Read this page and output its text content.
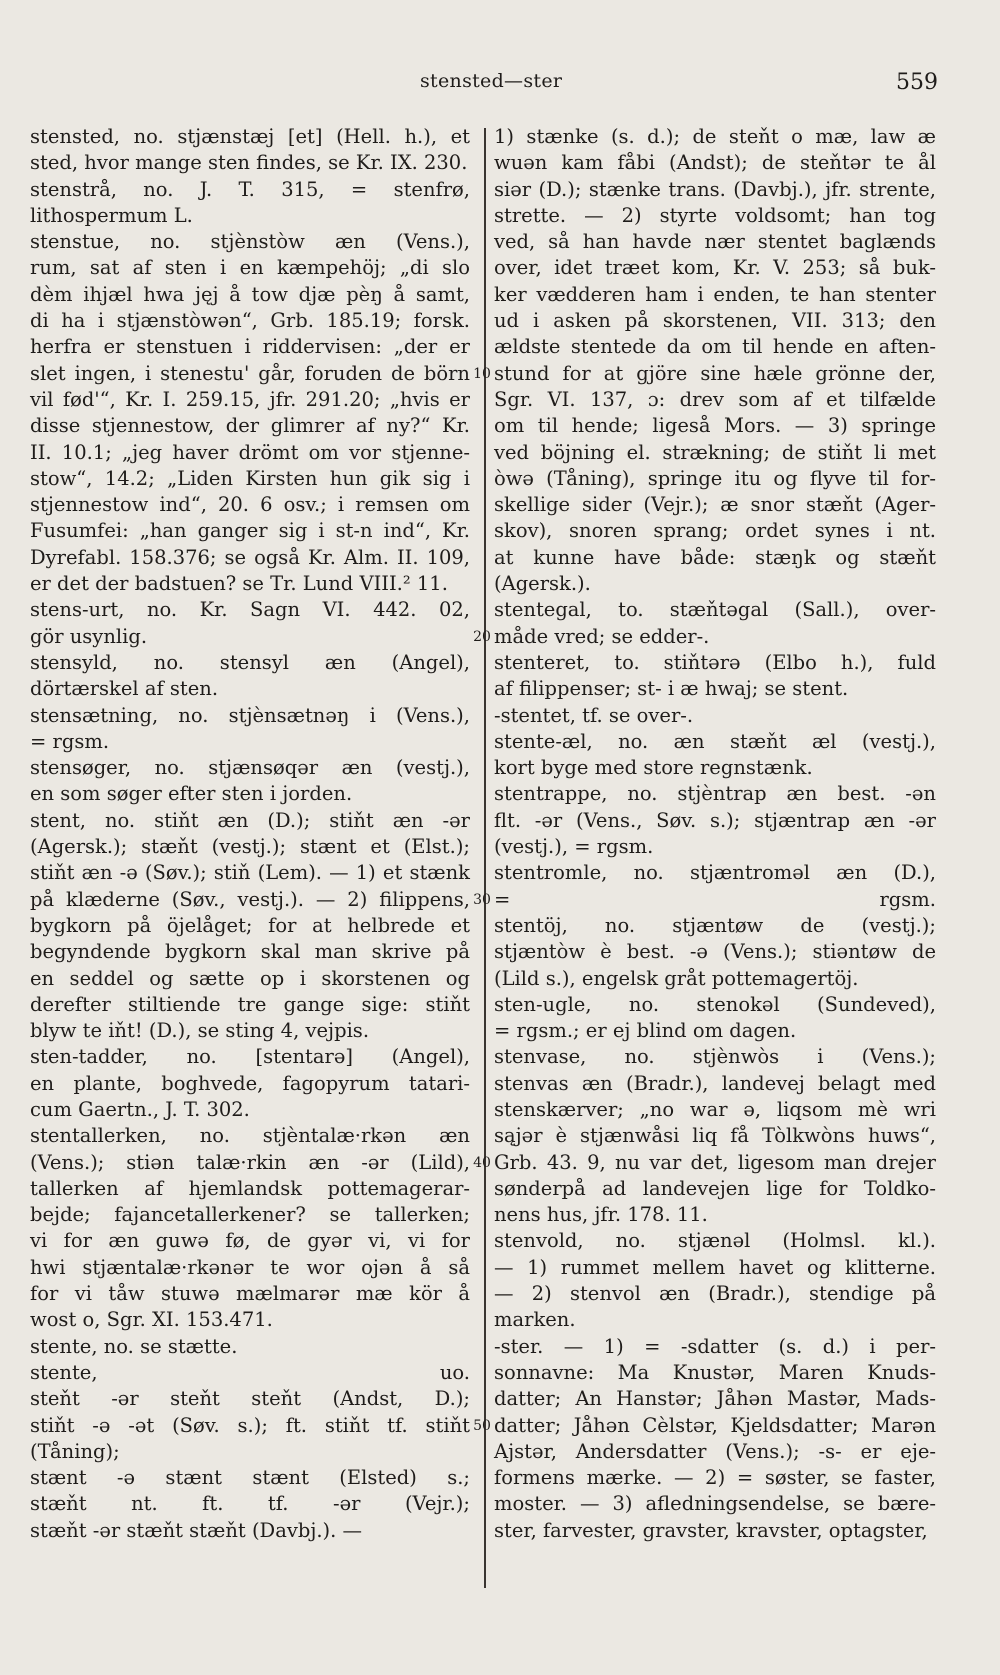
stensted—ster	559
stensted, no. stjænstæj [et] (Hell. h.), et
sted, hvor mange sten findes, se Kr. IX. 230.
stenstrå, no. J. T. 315, = stenfrø,
lithospermum L.
stenstue, no. stjènstòw æn (Vens.),
rum, sat af sten i en kæmpehöj; „di slo
dèm ihjæl hwa jęj å tow djæ pèŋ å samt,
di ha i stjænstòwən“, Grb. 185.19; forsk.
herfra er stenstuen i riddervisen: „der er
slet ingen, i stenestu' går, foruden de börn
vil fød'“, Kr. I. 259.15, jfr. 291.20; „hvis er
disse stjennestow, der glimrer af ny?“ Kr.
II. 10.1; „jeg haver drömt om vor stjenne-
stow“, 14.2; „Liden Kirsten hun gik sig i
stjennestow ind“, 20. 6 osv.; i remsen om
Fusumfei: „han ganger sig i st-n ind“, Kr.
Dyrefabl. 158.376; se også Kr. Alm. II. 109,
er det der badstuen? se Tr. Lund VIII.² 11.
stens-urt, no. Kr. Sagn VI. 442. 02,
gör usynlig.
stensyld, no. stensyl æn (Angel),
dörtærskel af sten.
stensætning, no. stjènsætnəŋ i (Vens.),
= rgsm.
stensøger, no. stjænsøqər æn (vestj.),
en som søger efter sten i jorden.
stent, no. stiňt æn (D.); stiňt æn -ər
(Agersk.); stæňt (vestj.); stænt et (Elst.);
stiňt æn -ə (Søv.); stiň (Lem). — 1) et stænk
på klæderne (Søv., vestj.). — 2) filippens,
bygkorn på öjelåget; for at helbrede et
begyndende bygkorn skal man skrive på
en seddel og sætte op i skorstenen og
derefter stiltiende tre gange sige: stiňt
blyw te iňt! (D.), se sting 4, vejpis.
sten-tadder, no. [stentarə] (Angel),
en plante, boghvede, fagopyrum tatari-
cum Gaertn., J. T. 302.
stentallerken, no. stjèntalæ·rkən æn
(Vens.); stiən talæ·rkin æn -ər (Lild),
tallerken af hjemlandsk pottemagerar-
bejde; fajancetallerkener? se tallerken;
vi for æn guwə fø, de gyər vi, vi for
hwi stjæntalæ·rkənər te wor ojən å så
for vi tåw stuwə mælmarər mæ kör å
wost o, Sgr. XI. 153.471.
stente, no. se stætte.
stente, uo.
steňt -ər steňt steňt (Andst, D.);
stiňt -ə -ət (Søv. s.); ft. stiňt tf. stiňt
(Tåning);
stænt -ə stænt stænt (Elsted) s.;
stæňt nt. ft. tf. -ər (Vejr.);
stæňt -ər stæňt stæňt (Davbj.). —
1) stænke (s. d.); de steňt o mæ, law æ
wuən kam fåbi (Andst); de steňtər te ål
siər (D.); stænke trans. (Davbj.), jfr. strente,
strette. — 2) styrte voldsomt; han tog
ved, så han havde nær stentet baglænds
over, idet træet kom, Kr. V. 253; så buk-
ker vædderen ham i enden, te han stenter
ud i asken på skorstenen, VII. 313; den
ældste stentede da om til hende en aften-
stund for at gjöre sine hæle grönne der,
Sgr. VI. 137, ɔ: drev som af et tilfælde
om til hende; ligeså Mors. — 3) springe
ved böjning el. strækning; de stiňt li met
òwə (Tåning), springe itu og flyve til for-
skellige sider (Vejr.); æ snor stæňt (Ager-
skov), snoren sprang; ordet synes i nt.
at kunne have både: stæŋk og stæňt
(Agersk.).
stentegal, to. stæňtəgal (Sall.), over-
måde vred; se edder-.
stenteret, to. stiňtərə (Elbo h.), fuld
af filippenser; st- i æ hwaj; se stent.
-stentet, tf. se over-.
stente-æl, no. æn stæňt æl (vestj.),
kort byge med store regnstænk.
stentrappe, no. stjèntrap æn best. -ən
flt. -ər (Vens., Søv. s.); stjæntrap æn -ər
(vestj.), = rgsm.
stentromle, no. stjæntroməl æn (D.),
= rgsm.
stentöj, no. stjæntøw de (vestj.);
stjæntòw è best. -ə (Vens.); stiəntøw de
(Lild s.), engelsk gråt pottemagertöj.
sten-ugle, no. stenokəl (Sundeved),
= rgsm.; er ej blind om dagen.
stenvase, no. stjènwòs i (Vens.);
stenvas æn (Bradr.), landevej belagt med
stenskærver; „no war ə, liqsom mè wri
sąjər è stjænwåsi liq få Tòlkwòns huws“,
Grb. 43. 9, nu var det, ligesom man drejer
sønderpå ad landevejen lige for Toldko-
nens hus, jfr. 178. 11.
stenvold, no. stjænəl (Holmsl. kl.).
— 1) rummet mellem havet og klitterne.
— 2) stenvol æn (Bradr.), stendige på
marken.
-ster. — 1) = -sdatter (s. d.) i per-
sonnavne: Ma Knustər, Maren Knuds-
datter; An Hanstər; Jåhən Mastər, Mads-
datter; Jåhən Cèlstər, Kjeldsdatter; Marən
Ajstər, Andersdatter (Vens.); -s- er eje-
formens mærke. — 2) = søster, se faster,
moster. — 3) afledningsendelse, se bære-
ster, farvester, gravster, kravster, optagster,
10
20
30
40
50
